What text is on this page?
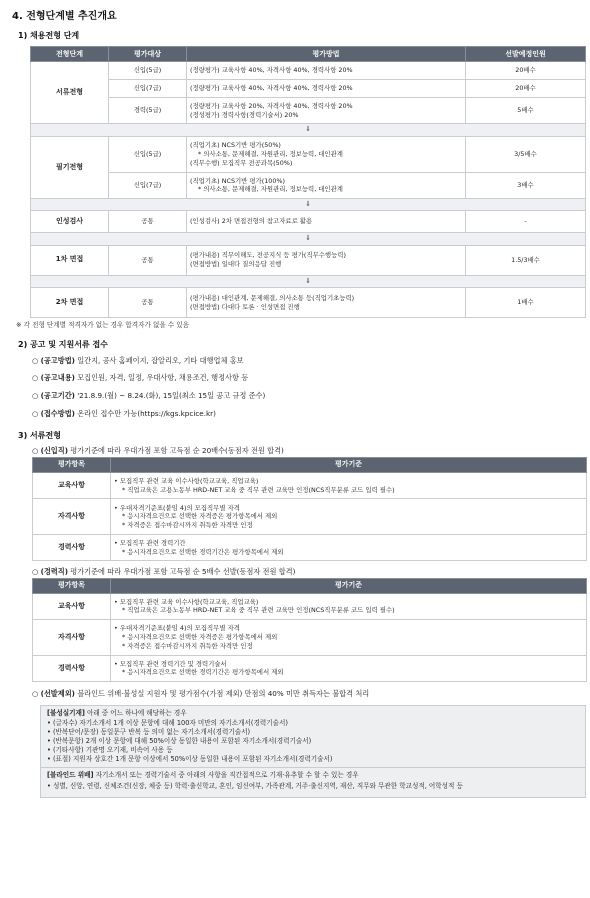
4. 전형단계별 추진개요
1) 채용전형 단계
전형단계	평가대상	평가방법	선발예정인원
서류전형	신입(5급)	(정량평가) 교육사항 40%, 자격사항 40%, 경력사항 20%	20배수
	신입(7급)	(정량평가) 교육사항 40%, 자격사항 40%, 경력사항 20%	20배수
	경력(5급)	(정량평가) 교육사항 20%, 자격사항 40%, 경력사항 20%
(정성평가) 경력사항(경력기술서) 20%	5배수
⇓			
필기전형	신입(5급)	(직업기초) NCS기반 평가(50%)
* 의사소통, 문제해결, 자원관리, 정보능력, 대인관계
(직무수행) 모집직무 전공과목(50%)	3/5배수
	신입(7급)	(직업기초) NCS기반 평가(100%)
* 의사소통, 문제해결, 자원관리, 정보능력, 대인관계	3배수
⇓			
인성검사	공통	(인성검사) 2차 면접전형의 참고자료로 활용	-
⇓			
1차 면접	공통	(평가내용) 직무이해도, 전공지식 등 평가(직무수행능력)
(면접방법) 일대다 질의응답 진행	1.5/3배수
⇓			
2차 면접	공통	(평가내용) 대인관계, 문제해결, 의사소통 등(직업기초능력)
(면접방법) 다대다 토론 · 인성면접 진행	1배수
※ 각 전형 단계별 적격자가 없는 경우 합격자가 없을 수 있음
2) 공고 및 지원서류 접수
○ (공고방법) 일간지, 공사 홈페이지, 잡알리오, 기타 대행업체 홍보
○ (공고내용) 모집인원, 자격, 일정, 우대사항, 채용조건, 행정사항 등
○ (공고기간) '21.8.9.(월) ~ 8.24.(화), 15일(최소 15일 공고 규정 준수)
○ (접수방법) 온라인 접수만 가능(https://kgs.kpcice.kr)
3) 서류전형
○ (신입직) 평가기준에 따라 우대가점 포함 고득점 순 20배수(동점자 전원 합격)
평가항목	평가기준
교육사항	• 모집직무 관련 교육 이수사항(학교교육, 직업교육)
* 직업교육은 고용노동부 HRD-NET 교육 중 직무 관련 교육만 인정(NCS직무분류 코드 입력 필수)

자격사항	• 우대자격기준표(붙임 4)의 모집직무별 자격
* 응시자격요건으로 선택한 자격증은 평가항목에서 제외
* 자격증은 접수마감시까지 취득한 자격만 인정

경력사항	• 모집직무 관련 경력기간
* 응시자격요건으로 선택한 경력기간은 평가항목에서 제외
○ (경력직) 평가기준에 따라 우대가점 포함 고득점 순 5배수 선발(동점자 전원 합격)
평가항목	평가기준
교육사항	• 모집직무 관련 교육 이수사항(학교교육, 직업교육)
* 직업교육은 고용노동부 HRD-NET 교육 중 직무 관련 교육만 인정(NCS직무분류 코드 입력 필수)

자격사항	• 우대자격기준표(붙임 4)의 모집직무별 자격
* 응시자격요건으로 선택한 자격증은 평가항목에서 제외
* 자격증은 접수마감시까지 취득한 자격만 인정

경력사항	• 모집직무 관련 경력기간 및 경력기술서
* 응시자격요건으로 선택한 경력기간은 평가항목에서 제외
○ (선발제외) 블라인드 위배·불성실 지원자 및 평가점수(가점 제외) 만점의 40% 미만 취득자는 불합격 처리
[불성실기재] 아래 중 어느 하나에 해당하는 경우
• (글자수) 자기소개서 1개 이상 문항에 대해 100자 미만의 자기소개서(경력기술서)
• (반복단어/문장) 동일문구 반복 등 의미 없는 자기소개서(경력기술서)
• (반복문항) 2개 이상 문항에 대해 50%이상 동일한 내용이 포함된 자기소개서(경력기술서)
• (기타사항) 기관명 오기재, 비속어 사용 등
• (표절) 지원자 상호간 1개 문항 이상에서 50%이상 동일한 내용이 포함된 자기소개서(경력기술서)
[블라인드 위배] 자기소개서 또는 경력기술서 중 아래의 사항을 직간접적으로 기재·유추할 수 할 수 있는 경우
• 성별, 신앙, 연령, 신체조건(신장, 체중 등) 학력·출신학교, 혼인, 임신여부, 가족관계, 거주·출신지역, 재산, 직무와 무관한 학교성적, 어학성적 등
